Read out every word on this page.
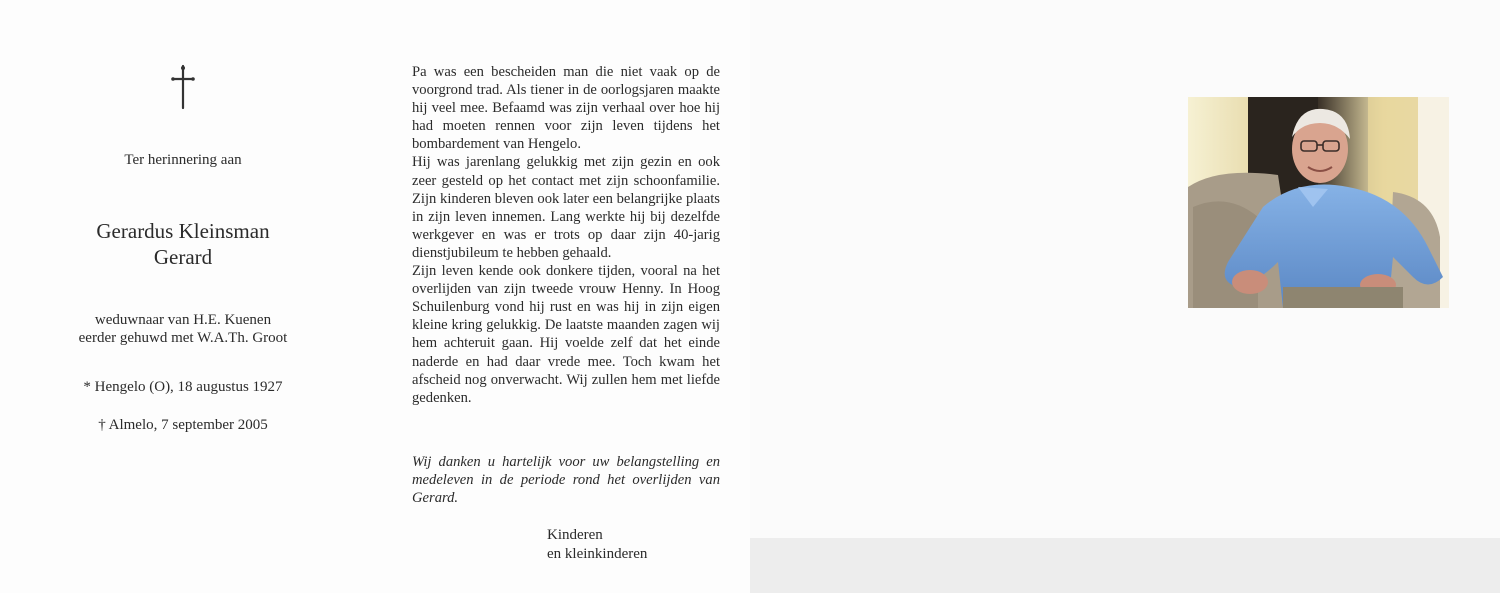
Ter herinnering aan
Gerardus Kleinsman
Gerard
weduwnaar van H.E. Kuenen
eerder gehuwd met W.A.Th. Groot
* Hengelo (O), 18 augustus 1927
† Almelo, 7 september 2005

Pa was een bescheiden man die niet vaak op de voorgrond trad. Als tiener in de oorlogsjaren maakte hij veel mee. Befaamd was zijn verhaal over hoe hij had moeten rennen voor zijn leven tijdens het bombardement van Hengelo.

Hij was jarenlang gelukkig met zijn gezin en ook zeer gesteld op het contact met zijn schoonfamilie. Zijn kinderen bleven ook later een belangrijke plaats in zijn leven innemen. Lang werkte hij bij dezelfde werkgever en was er trots op daar zijn 40-jarig dienstjubileum te hebben gehaald.

Zijn leven kende ook donkere tijden, vooral na het overlijden van zijn tweede vrouw Henny. In Hoog Schuilenburg vond hij rust en was hij in zijn eigen kleine kring gelukkig. De laatste maanden zagen wij hem achteruit gaan. Hij voelde zelf dat het einde naderde en had daar vrede mee. Toch kwam het afscheid nog onverwacht. Wij zullen hem met liefde gedenken.

Wij danken u hartelijk voor uw belangstelling en medeleven in de periode rond het overlijden van Gerard.
Kinderen
en kleinkinderen
